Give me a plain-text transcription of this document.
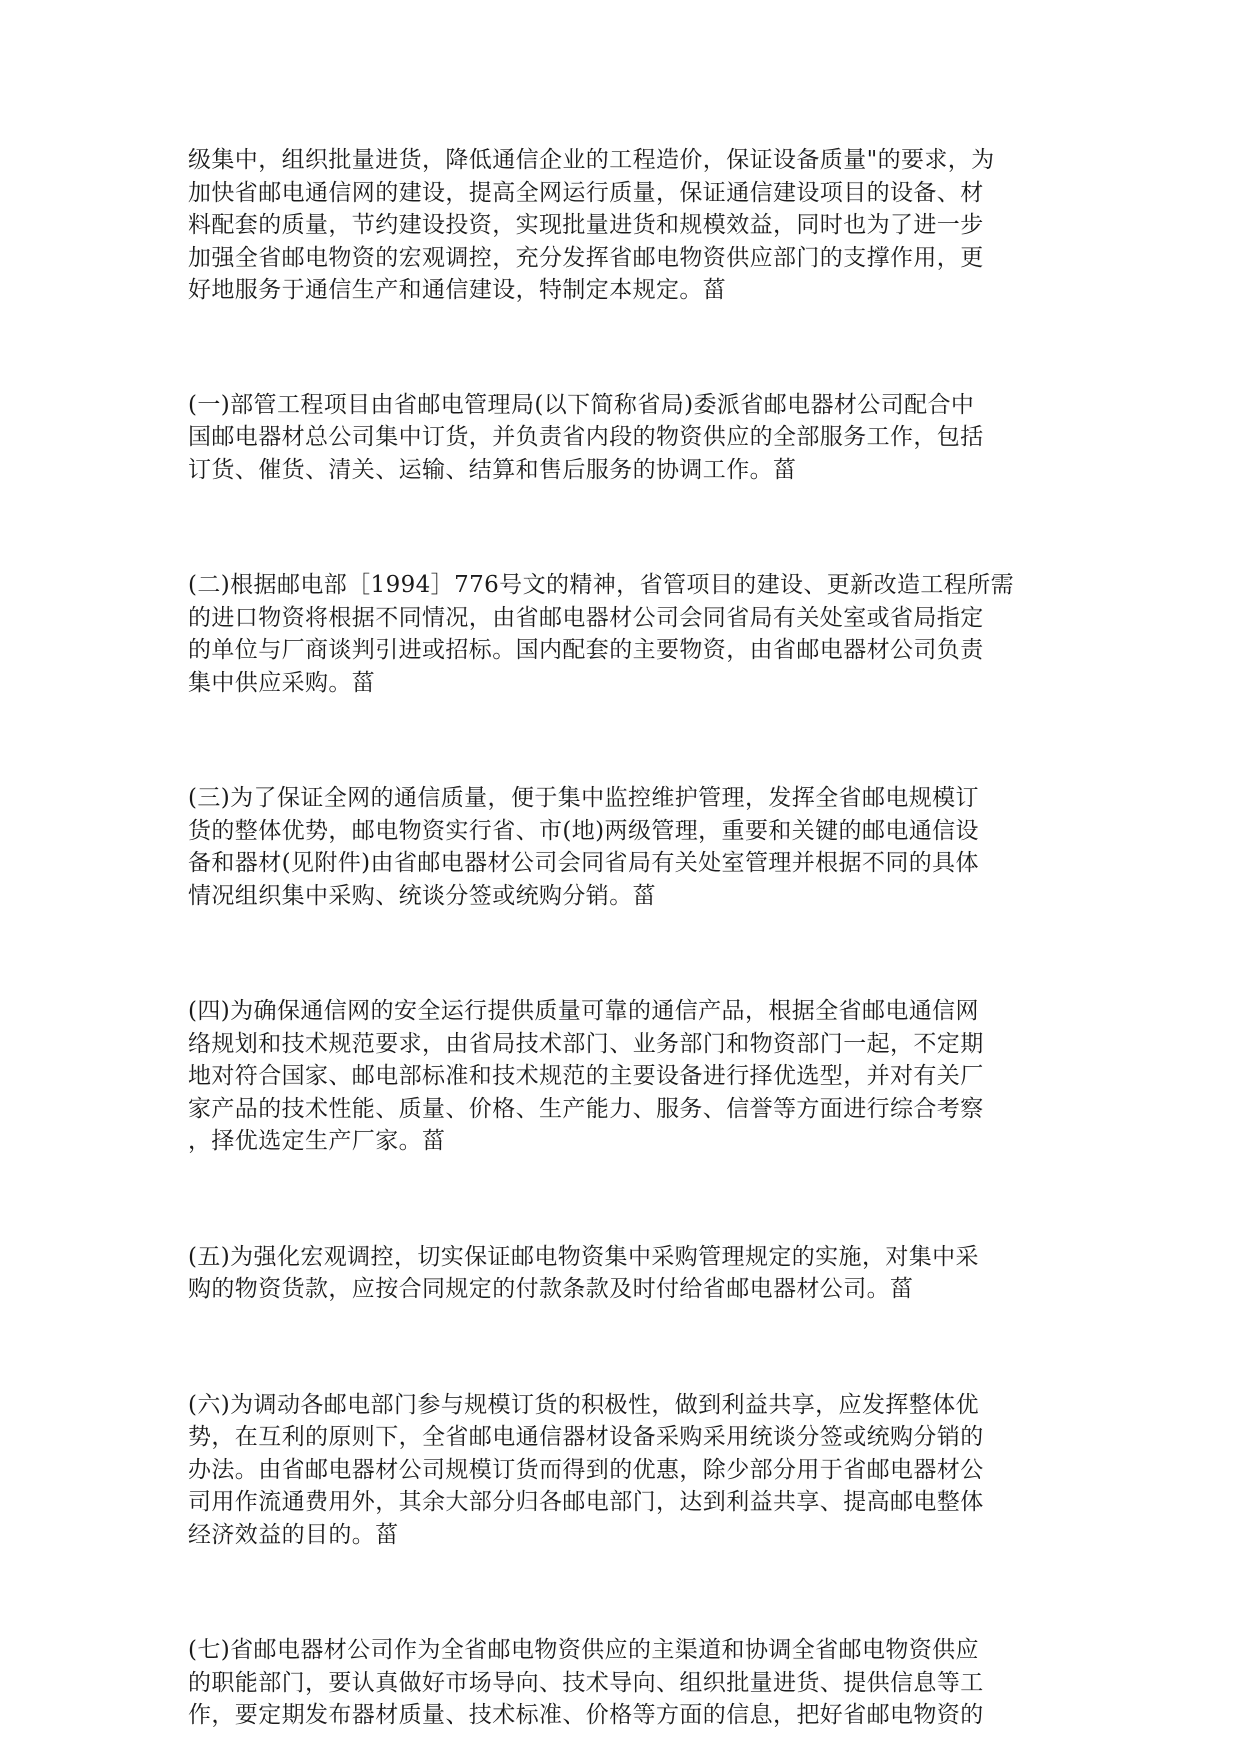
级集中，组织批量进货，降低通信企业的工程造价，保证设备质量"的要求，为
加快省邮电通信网的建设，提高全网运行质量，保证通信建设项目的设备、材
料配套的质量，节约建设投资，实现批量进货和规模效益，同时也为了进一步
加强全省邮电物资的宏观调控，充分发挥省邮电物资供应部门的支撑作用，更
好地服务于通信生产和通信建设，特制定本规定。菑
(一)部管工程项目由省邮电管理局(以下简称省局)委派省邮电器材公司配合中
国邮电器材总公司集中订货，并负责省内段的物资供应的全部服务工作，包括
订货、催货、清关、运输、结算和售后服务的协调工作。菑
(二)根据邮电部［1994］776号文的精神，省管项目的建设、更新改造工程所需
的进口物资将根据不同情况，由省邮电器材公司会同省局有关处室或省局指定
的单位与厂商谈判引进或招标。国内配套的主要物资，由省邮电器材公司负责
集中供应采购。菑
(三)为了保证全网的通信质量，便于集中监控维护管理，发挥全省邮电规模订
货的整体优势，邮电物资实行省、市(地)两级管理，重要和关键的邮电通信设
备和器材(见附件)由省邮电器材公司会同省局有关处室管理并根据不同的具体
情况组织集中采购、统谈分签或统购分销。菑
(四)为确保通信网的安全运行提供质量可靠的通信产品，根据全省邮电通信网
络规划和技术规范要求，由省局技术部门、业务部门和物资部门一起，不定期
地对符合国家、邮电部标准和技术规范的主要设备进行择优选型，并对有关厂
家产品的技术性能、质量、价格、生产能力、服务、信誉等方面进行综合考察
，择优选定生产厂家。菑
(五)为强化宏观调控，切实保证邮电物资集中采购管理规定的实施，对集中采
购的物资货款，应按合同规定的付款条款及时付给省邮电器材公司。菑
(六)为调动各邮电部门参与规模订货的积极性，做到利益共享，应发挥整体优
势，在互利的原则下，全省邮电通信器材设备采购采用统谈分签或统购分销的
办法。由省邮电器材公司规模订货而得到的优惠，除少部分用于省邮电器材公
司用作流通费用外，其余大部分归各邮电部门，达到利益共享、提高邮电整体
经济效益的目的。菑
(七)省邮电器材公司作为全省邮电物资供应的主渠道和协调全省邮电物资供应
的职能部门，要认真做好市场导向、技术导向、组织批量进货、提供信息等工
作，要定期发布器材质量、技术标准、价格等方面的信息，把好省邮电物资的
